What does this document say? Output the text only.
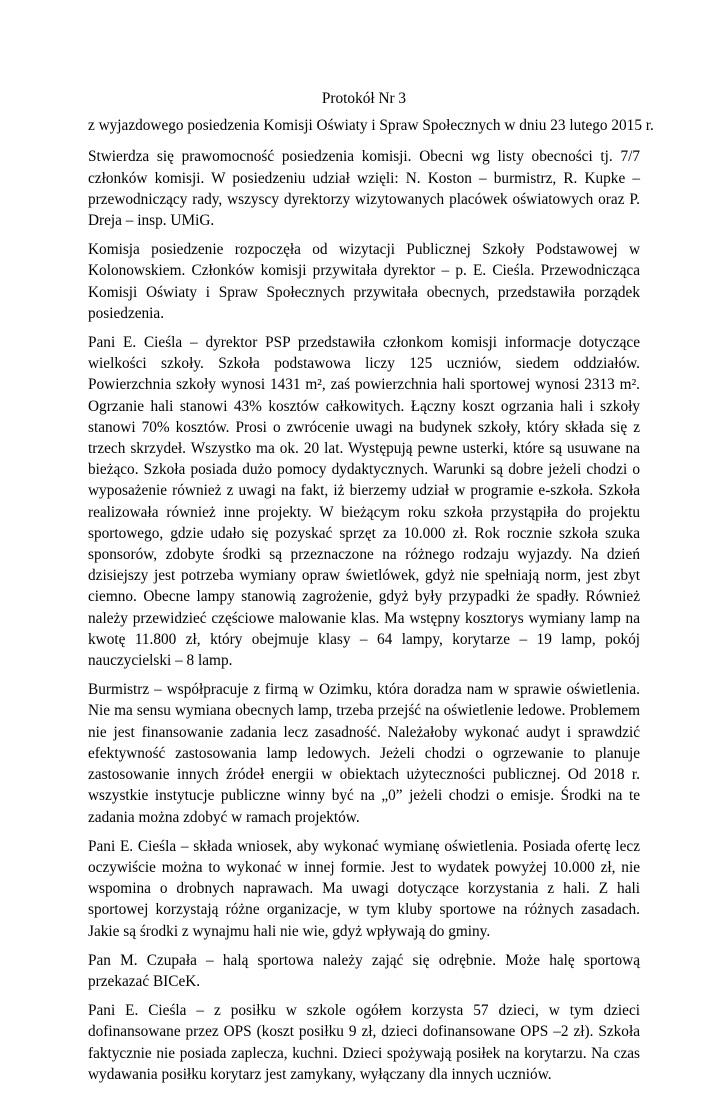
Protokół Nr 3
z wyjazdowego posiedzenia Komisji Oświaty i Spraw Społecznych w dniu 23 lutego 2015 r.

Stwierdza się prawomocność posiedzenia komisji. Obecni wg listy obecności tj. 7/7 członków komisji. W posiedzeniu udział wzięli: N. Koston – burmistrz, R. Kupke – przewodniczący rady, wszyscy dyrektorzy wizytowanych placówek oświatowych oraz P. Dreja – insp. UMiG.

Komisja posiedzenie rozpoczęła od wizytacji Publicznej Szkoły Podstawowej w Kolonowskiem. Członków komisji przywitała dyrektor – p. E. Cieśla. Przewodnicząca Komisji Oświaty i Spraw Społecznych przywitała obecnych, przedstawiła porządek posiedzenia.

Pani E. Cieśla – dyrektor PSP przedstawiła członkom komisji informacje dotyczące wielkości szkoły. Szkoła podstawowa liczy 125 uczniów, siedem oddziałów. Powierzchnia szkoły wynosi 1431 m², zaś powierzchnia hali sportowej wynosi 2313 m². Ogrzanie hali stanowi 43% kosztów całkowitych. Łączny koszt ogrzania hali i szkoły stanowi 70% kosztów. Prosi o zwrócenie uwagi na budynek szkoły, który składa się z trzech skrzydeł. Wszystko ma ok. 20 lat. Występują pewne usterki, które są usuwane na bieżąco. Szkoła posiada dużo pomocy dydaktycznych. Warunki są dobre jeżeli chodzi o wyposażenie również z uwagi na fakt, iż bierzemy udział w programie e-szkoła. Szkoła realizowała również inne projekty. W bieżącym roku szkoła przystąpiła do projektu sportowego, gdzie udało się pozyskać sprzęt za 10.000 zł. Rok rocznie szkoła szuka sponsorów, zdobyte środki są przeznaczone na różnego rodzaju wyjazdy. Na dzień dzisiejszy jest potrzeba wymiany opraw świetlówek, gdyż nie spełniają norm, jest zbyt ciemno. Obecne lampy stanowią zagrożenie, gdyż były przypadki że spadły. Również należy przewidzieć częściowe malowanie klas. Ma wstępny kosztorys wymiany lamp na kwotę 11.800 zł, który obejmuje klasy – 64 lampy, korytarze – 19 lamp, pokój nauczycielski – 8 lamp.

Burmistrz – współpracuje z firmą w Ozimku, która doradza nam w sprawie oświetlenia. Nie ma sensu wymiana obecnych lamp, trzeba przejść na oświetlenie ledowe. Problemem nie jest finansowanie zadania lecz zasadność. Należałoby wykonać audyt i sprawdzić efektywność zastosowania lamp ledowych. Jeżeli chodzi o ogrzewanie to planuje zastosowanie innych źródeł energii w obiektach użyteczności publicznej. Od 2018 r. wszystkie instytucje publiczne winny być na „0” jeżeli chodzi o emisje. Środki na te zadania można zdobyć w ramach projektów.

Pani E. Cieśla – składa wniosek, aby wykonać wymianę oświetlenia. Posiada ofertę lecz oczywiście można to wykonać w innej formie. Jest to wydatek powyżej 10.000 zł, nie wspomina o drobnych naprawach. Ma uwagi dotyczące korzystania z hali. Z hali sportowej korzystają różne organizacje, w tym kluby sportowe na różnych zasadach. Jakie są środki z wynajmu hali nie wie, gdyż wpływają do gminy.

Pan M. Czupała – halą sportowa należy zająć się odrębnie. Może halę sportową przekazać BICeK.

Pani E. Cieśla – z posiłku w szkole ogółem korzysta 57 dzieci, w tym dzieci dofinansowane przez OPS (koszt posiłku 9 zł, dzieci dofinansowane OPS –2 zł). Szkoła faktycznie nie posiada zaplecza, kuchni. Dzieci spożywają posiłek na korytarzu. Na czas wydawania posiłku korytarz jest zamykany, wyłączany dla innych uczniów.
